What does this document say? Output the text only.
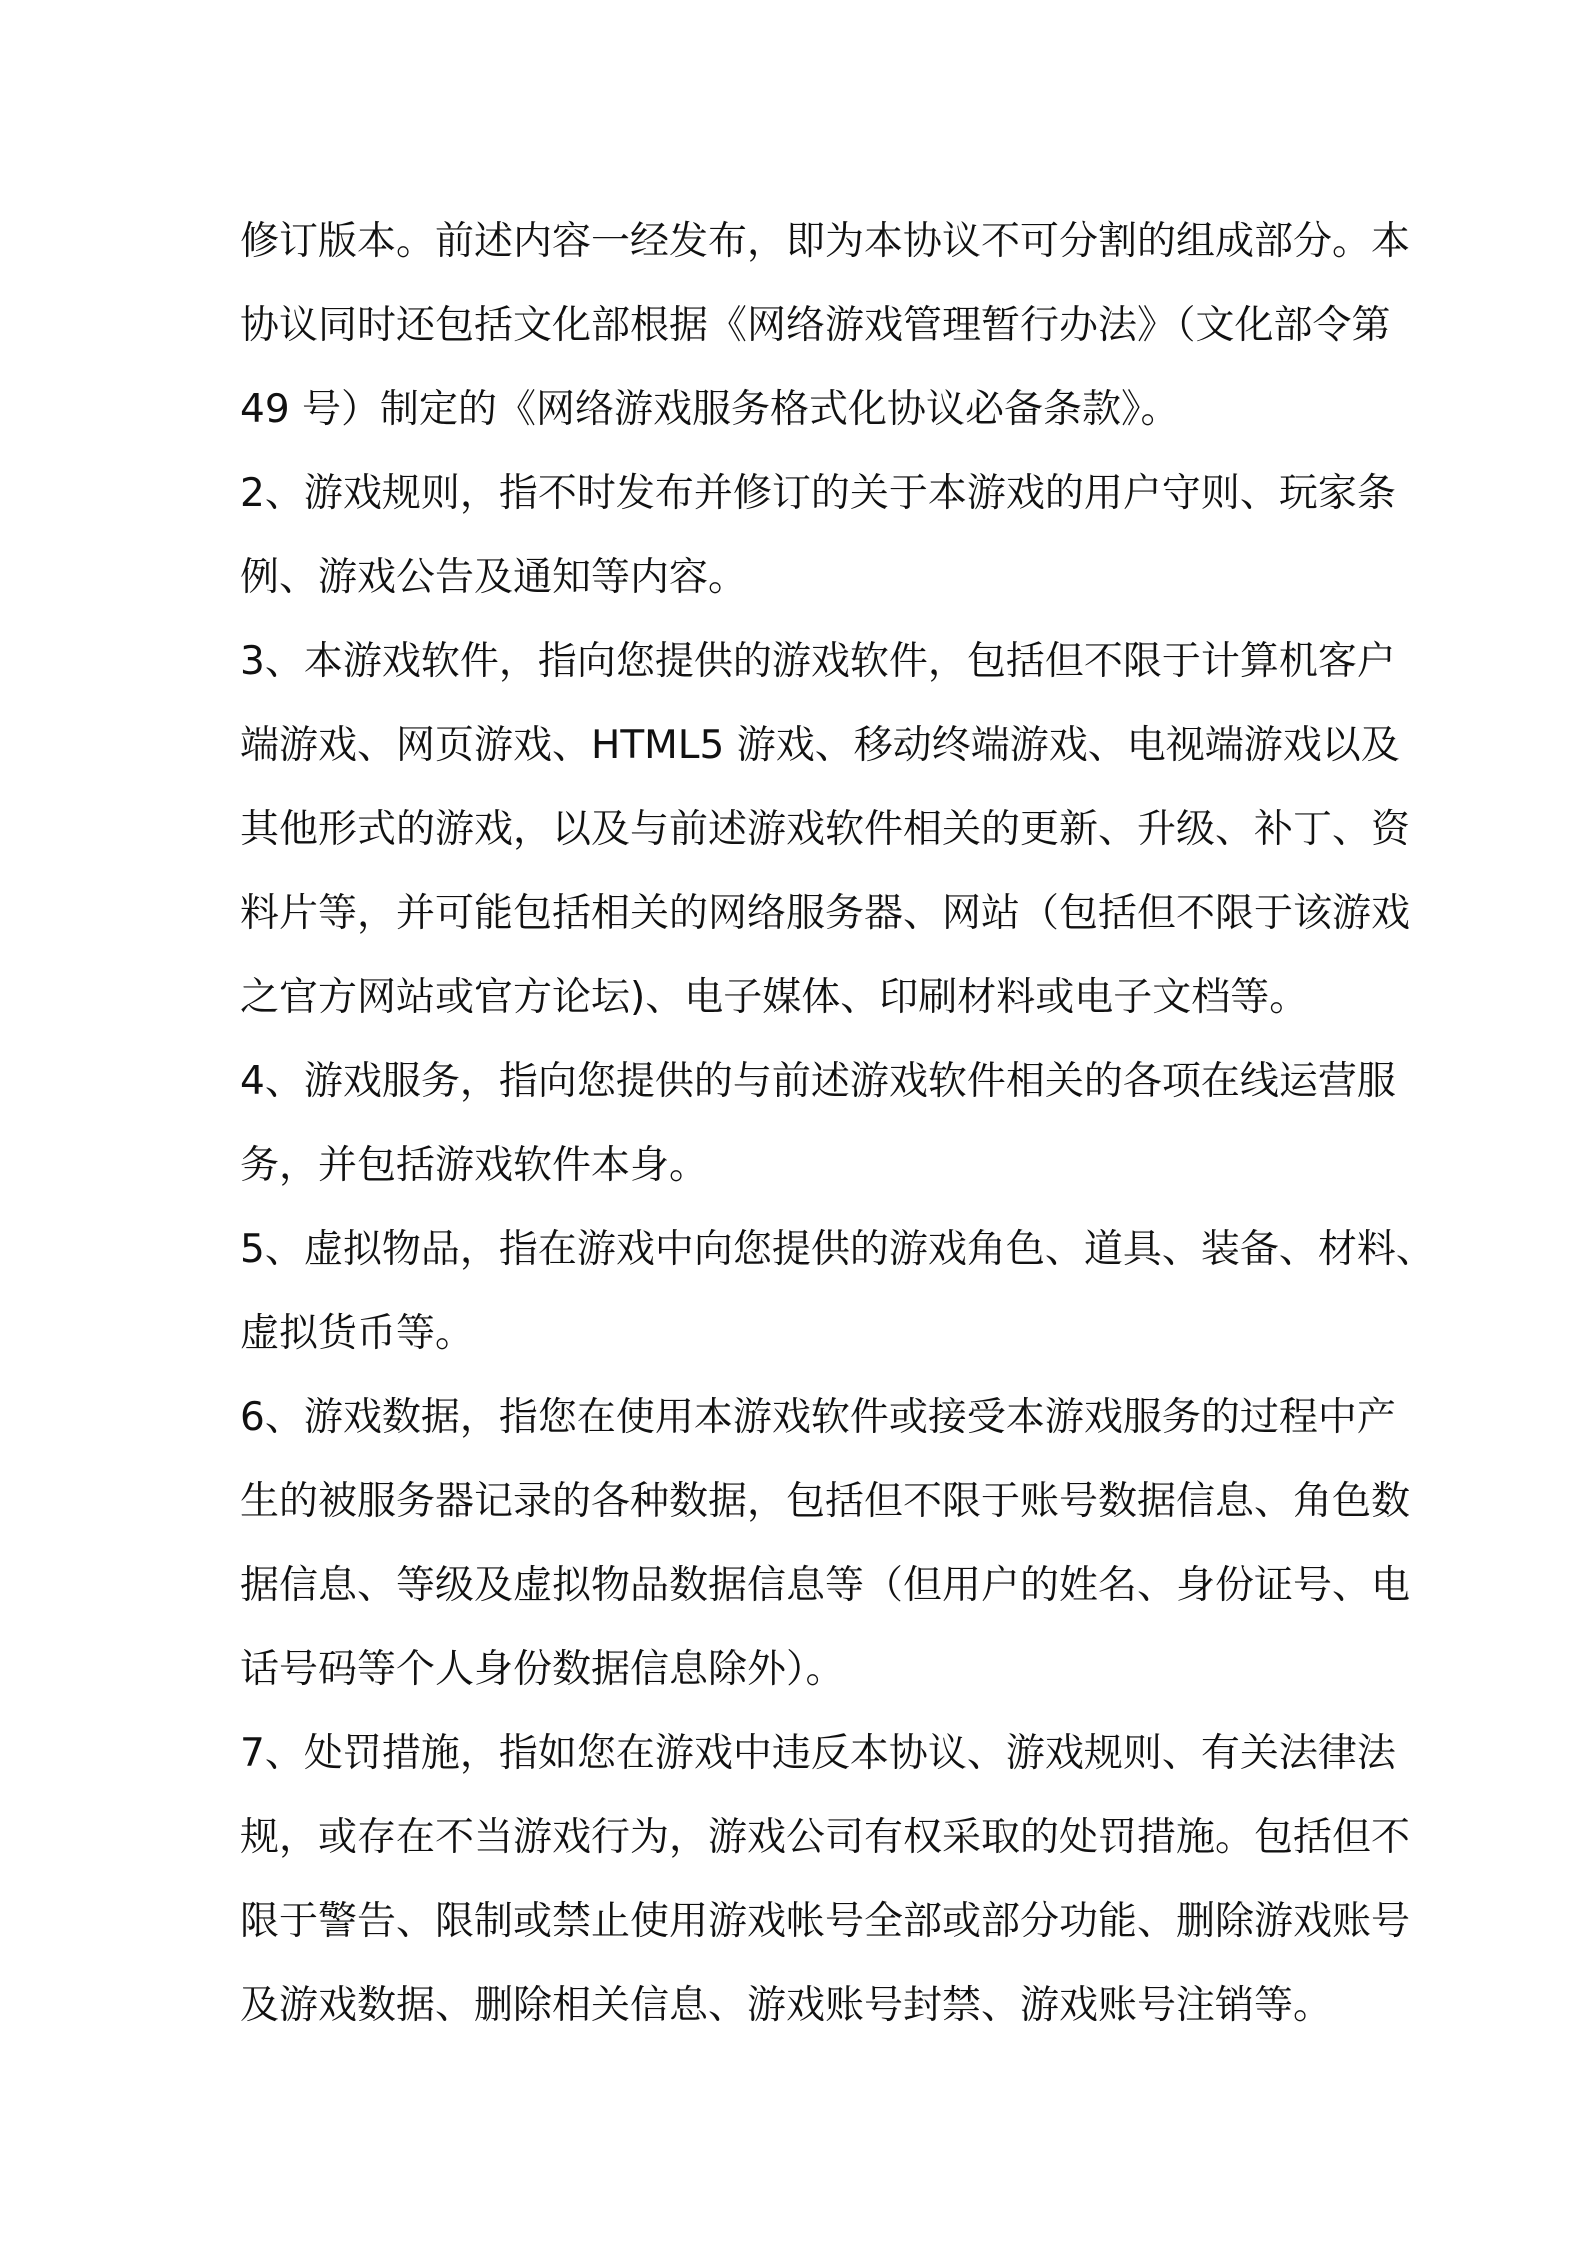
修订版本。前述内容一经发布，即为本协议不可分割的组成部分。本
协议同时还包括文化部根据《网络游戏管理暂行办法》（文化部令第
49 号）制定的《网络游戏服务格式化协议必备条款》。
2、游戏规则，指不时发布并修订的关于本游戏的用户守则、玩家条
例、游戏公告及通知等内容。
3、本游戏软件，指向您提供的游戏软件，包括但不限于计算机客户
端游戏、网页游戏、HTML5 游戏、移动终端游戏、电视端游戏以及
其他形式的游戏，以及与前述游戏软件相关的更新、升级、补丁、资
料片等，并可能包括相关的网络服务器、网站（包括但不限于该游戏
之官方网站或官方论坛)、电子媒体、印刷材料或电子文档等。
4、游戏服务，指向您提供的与前述游戏软件相关的各项在线运营服
务，并包括游戏软件本身。
5、虚拟物品，指在游戏中向您提供的游戏角色、道具、装备、材料、
虚拟货币等。
6、游戏数据，指您在使用本游戏软件或接受本游戏服务的过程中产
生的被服务器记录的各种数据，包括但不限于账号数据信息、角色数
据信息、等级及虚拟物品数据信息等（但用户的姓名、身份证号、电
话号码等个人身份数据信息除外）。
7、处罚措施，指如您在游戏中违反本协议、游戏规则、有关法律法
规，或存在不当游戏行为，游戏公司有权采取的处罚措施。包括但不
限于警告、限制或禁止使用游戏帐号全部或部分功能、删除游戏账号
及游戏数据、删除相关信息、游戏账号封禁、游戏账号注销等。
